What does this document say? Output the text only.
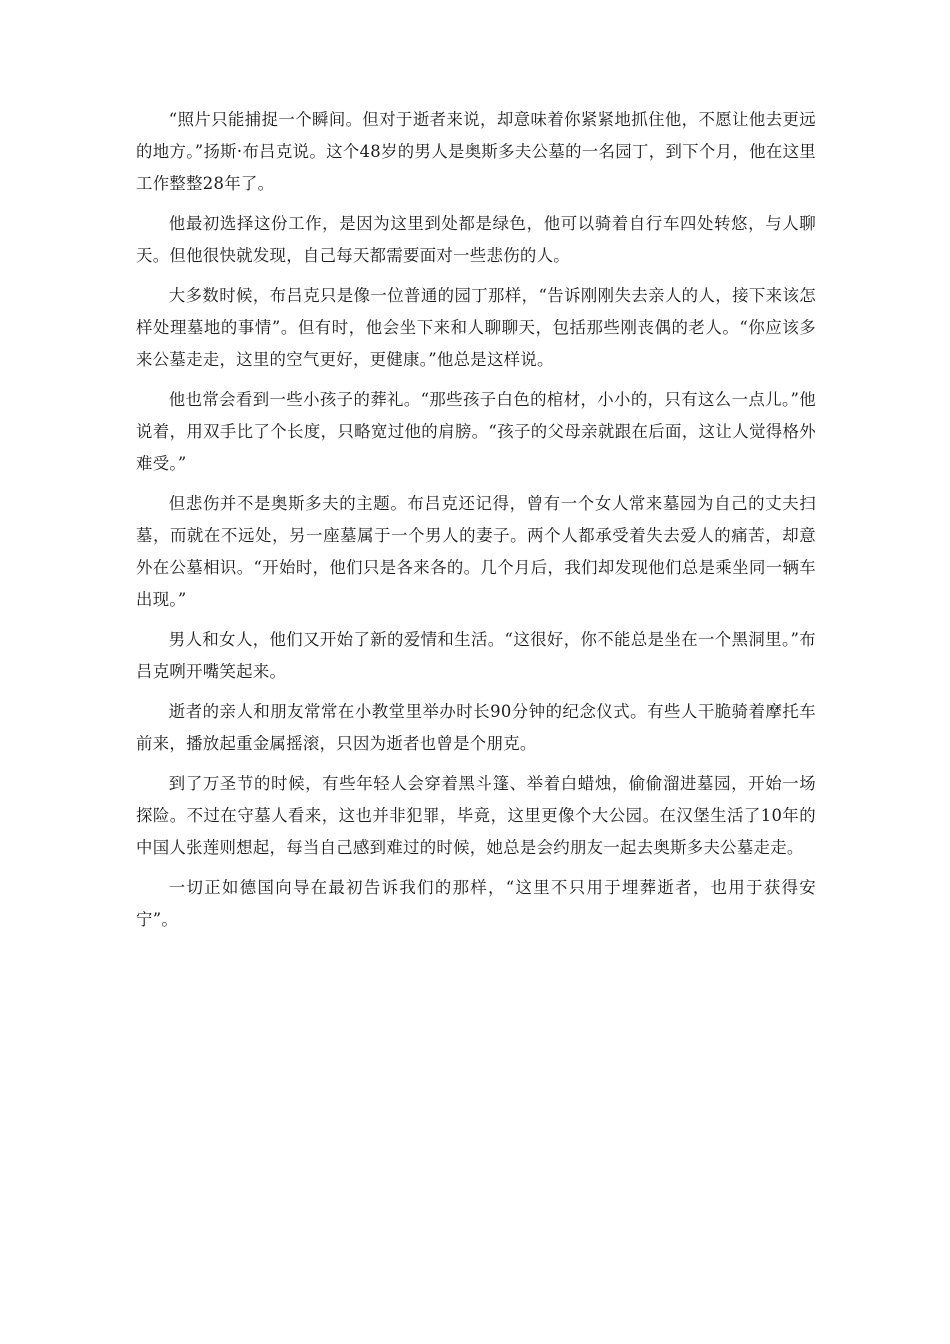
“照片只能捕捉一个瞬间。但对于逝者来说，却意味着你紧紧地抓住他，不愿让他去更远的地方。”扬斯·布吕克说。这个48岁的男人是奥斯多夫公墓的一名园丁，到下个月，他在这里工作整整28年了。

他最初选择这份工作，是因为这里到处都是绿色，他可以骑着自行车四处转悠，与人聊天。但他很快就发现，自己每天都需要面对一些悲伤的人。

大多数时候，布吕克只是像一位普通的园丁那样，“告诉刚刚失去亲人的人，接下来该怎样处理墓地的事情”。但有时，他会坐下来和人聊聊天，包括那些刚丧偶的老人。“你应该多来公墓走走，这里的空气更好，更健康。”他总是这样说。

他也常会看到一些小孩子的葬礼。“那些孩子白色的棺材，小小的，只有这么一点儿。”他说着，用双手比了个长度，只略宽过他的肩膀。“孩子的父母亲就跟在后面，这让人觉得格外难受。”

但悲伤并不是奥斯多夫的主题。布吕克还记得，曾有一个女人常来墓园为自己的丈夫扫墓，而就在不远处，另一座墓属于一个男人的妻子。两个人都承受着失去爱人的痛苦，却意外在公墓相识。“开始时，他们只是各来各的。几个月后，我们却发现他们总是乘坐同一辆车出现。”

男人和女人，他们又开始了新的爱情和生活。“这很好，你不能总是坐在一个黑洞里。”布吕克咧开嘴笑起来。

逝者的亲人和朋友常常在小教堂里举办时长90分钟的纪念仪式。有些人干脆骑着摩托车前来，播放起重金属摇滚，只因为逝者也曾是个朋克。

到了万圣节的时候，有些年轻人会穿着黑斗篷、举着白蜡烛，偷偷溜进墓园，开始一场探险。不过在守墓人看来，这也并非犯罪，毕竟，这里更像个大公园。在汉堡生活了10年的中国人张莲则想起，每当自己感到难过的时候，她总是会约朋友一起去奥斯多夫公墓走走。

一切正如德国向导在最初告诉我们的那样，“这里不只用于埋葬逝者，也用于获得安宁”。
